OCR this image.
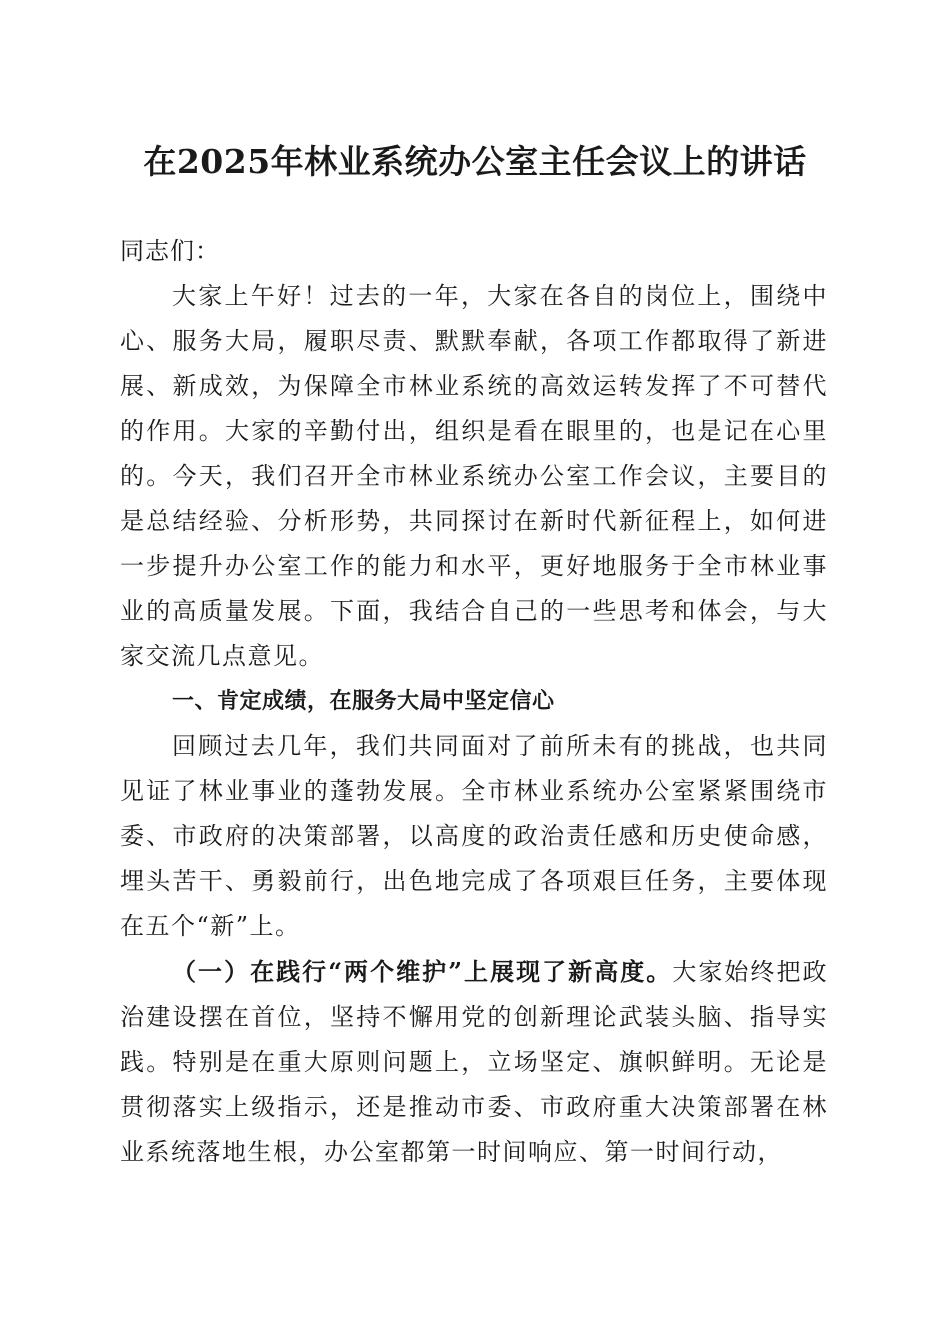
在2025年林业系统办公室主任会议上的讲话

同志们：

大家上午好！过去的一年，大家在各自的岗位上，围绕中心、服务大局，履职尽责、默默奉献，各项工作都取得了新进展、新成效，为保障全市林业系统的高效运转发挥了不可替代的作用。大家的辛勤付出，组织是看在眼里的，也是记在心里的。今天，我们召开全市林业系统办公室工作会议，主要目的是总结经验、分析形势，共同探讨在新时代新征程上，如何进一步提升办公室工作的能力和水平，更好地服务于全市林业事业的高质量发展。下面，我结合自己的一些思考和体会，与大家交流几点意见。

一、肯定成绩，在服务大局中坚定信心

回顾过去几年，我们共同面对了前所未有的挑战，也共同见证了林业事业的蓬勃发展。全市林业系统办公室紧紧围绕市委、市政府的决策部署，以高度的政治责任感和历史使命感，埋头苦干、勇毅前行，出色地完成了各项艰巨任务，主要体现在五个“新”上。

（一）在践行“两个维护”上展现了新高度。大家始终把政治建设摆在首位，坚持不懈用党的创新理论武装头脑、指导实践。特别是在重大原则问题上，立场坚定、旗帜鲜明。无论是贯彻落实上级指示，还是推动市委、市政府重大决策部署在林业系统落地生根，办公室都第一时间响应、第一时间行动，
